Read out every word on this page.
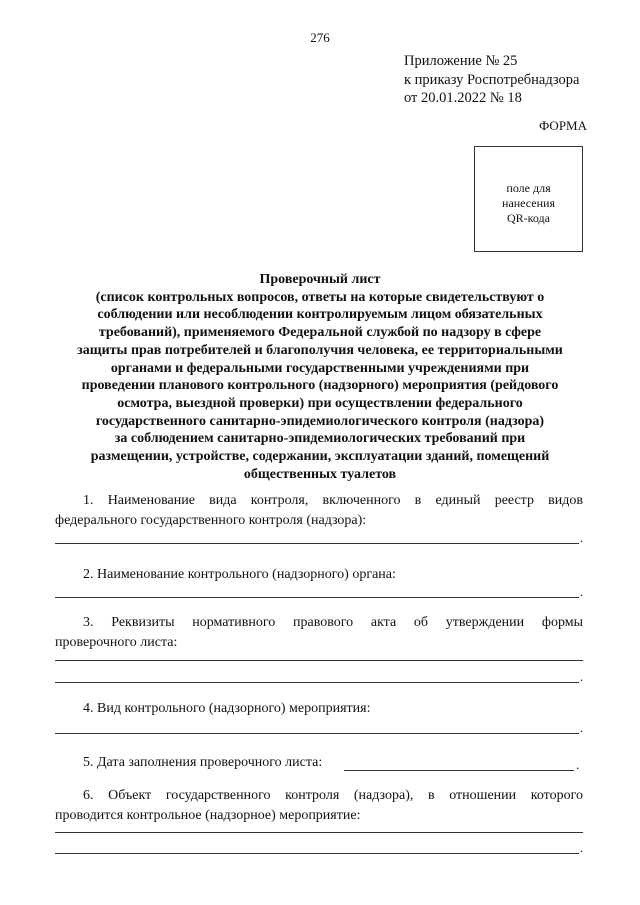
276
Приложение № 25
к приказу Роспотребнадзора
от 20.01.2022 № 18
ФОРМА
поле для
нанесения
QR-кода
Проверочный лист
(список контрольных вопросов, ответы на которые свидетельствуют о
соблюдении или несоблюдении контролируемым лицом обязательных
требований), применяемого Федеральной службой по надзору в сфере
защиты прав потребителей и благополучия человека, ее территориальными
органами и федеральными государственными учреждениями при
проведении планового контрольного (надзорного) мероприятия (рейдового
осмотра, выездной проверки) при осуществлении федерального
государственного санитарно-эпидемиологического контроля (надзора)
за соблюдением санитарно-эпидемиологических требований при
размещении, устройстве, содержании, эксплуатации зданий, помещений
общественных туалетов
1. Наименование вида контроля, включенного в единый реестр видов
федерального государственного контроля (надзора):
.
2. Наименование контрольного (надзорного) органа:
.
3. Реквизиты нормативного правового акта об утверждении формы
проверочного листа:
.
4. Вид контрольного (надзорного) мероприятия:
.
5. Дата заполнения проверочного листа:	.
6. Объект государственного контроля (надзора), в отношении которого
проводится контрольное (надзорное) мероприятие:
.
